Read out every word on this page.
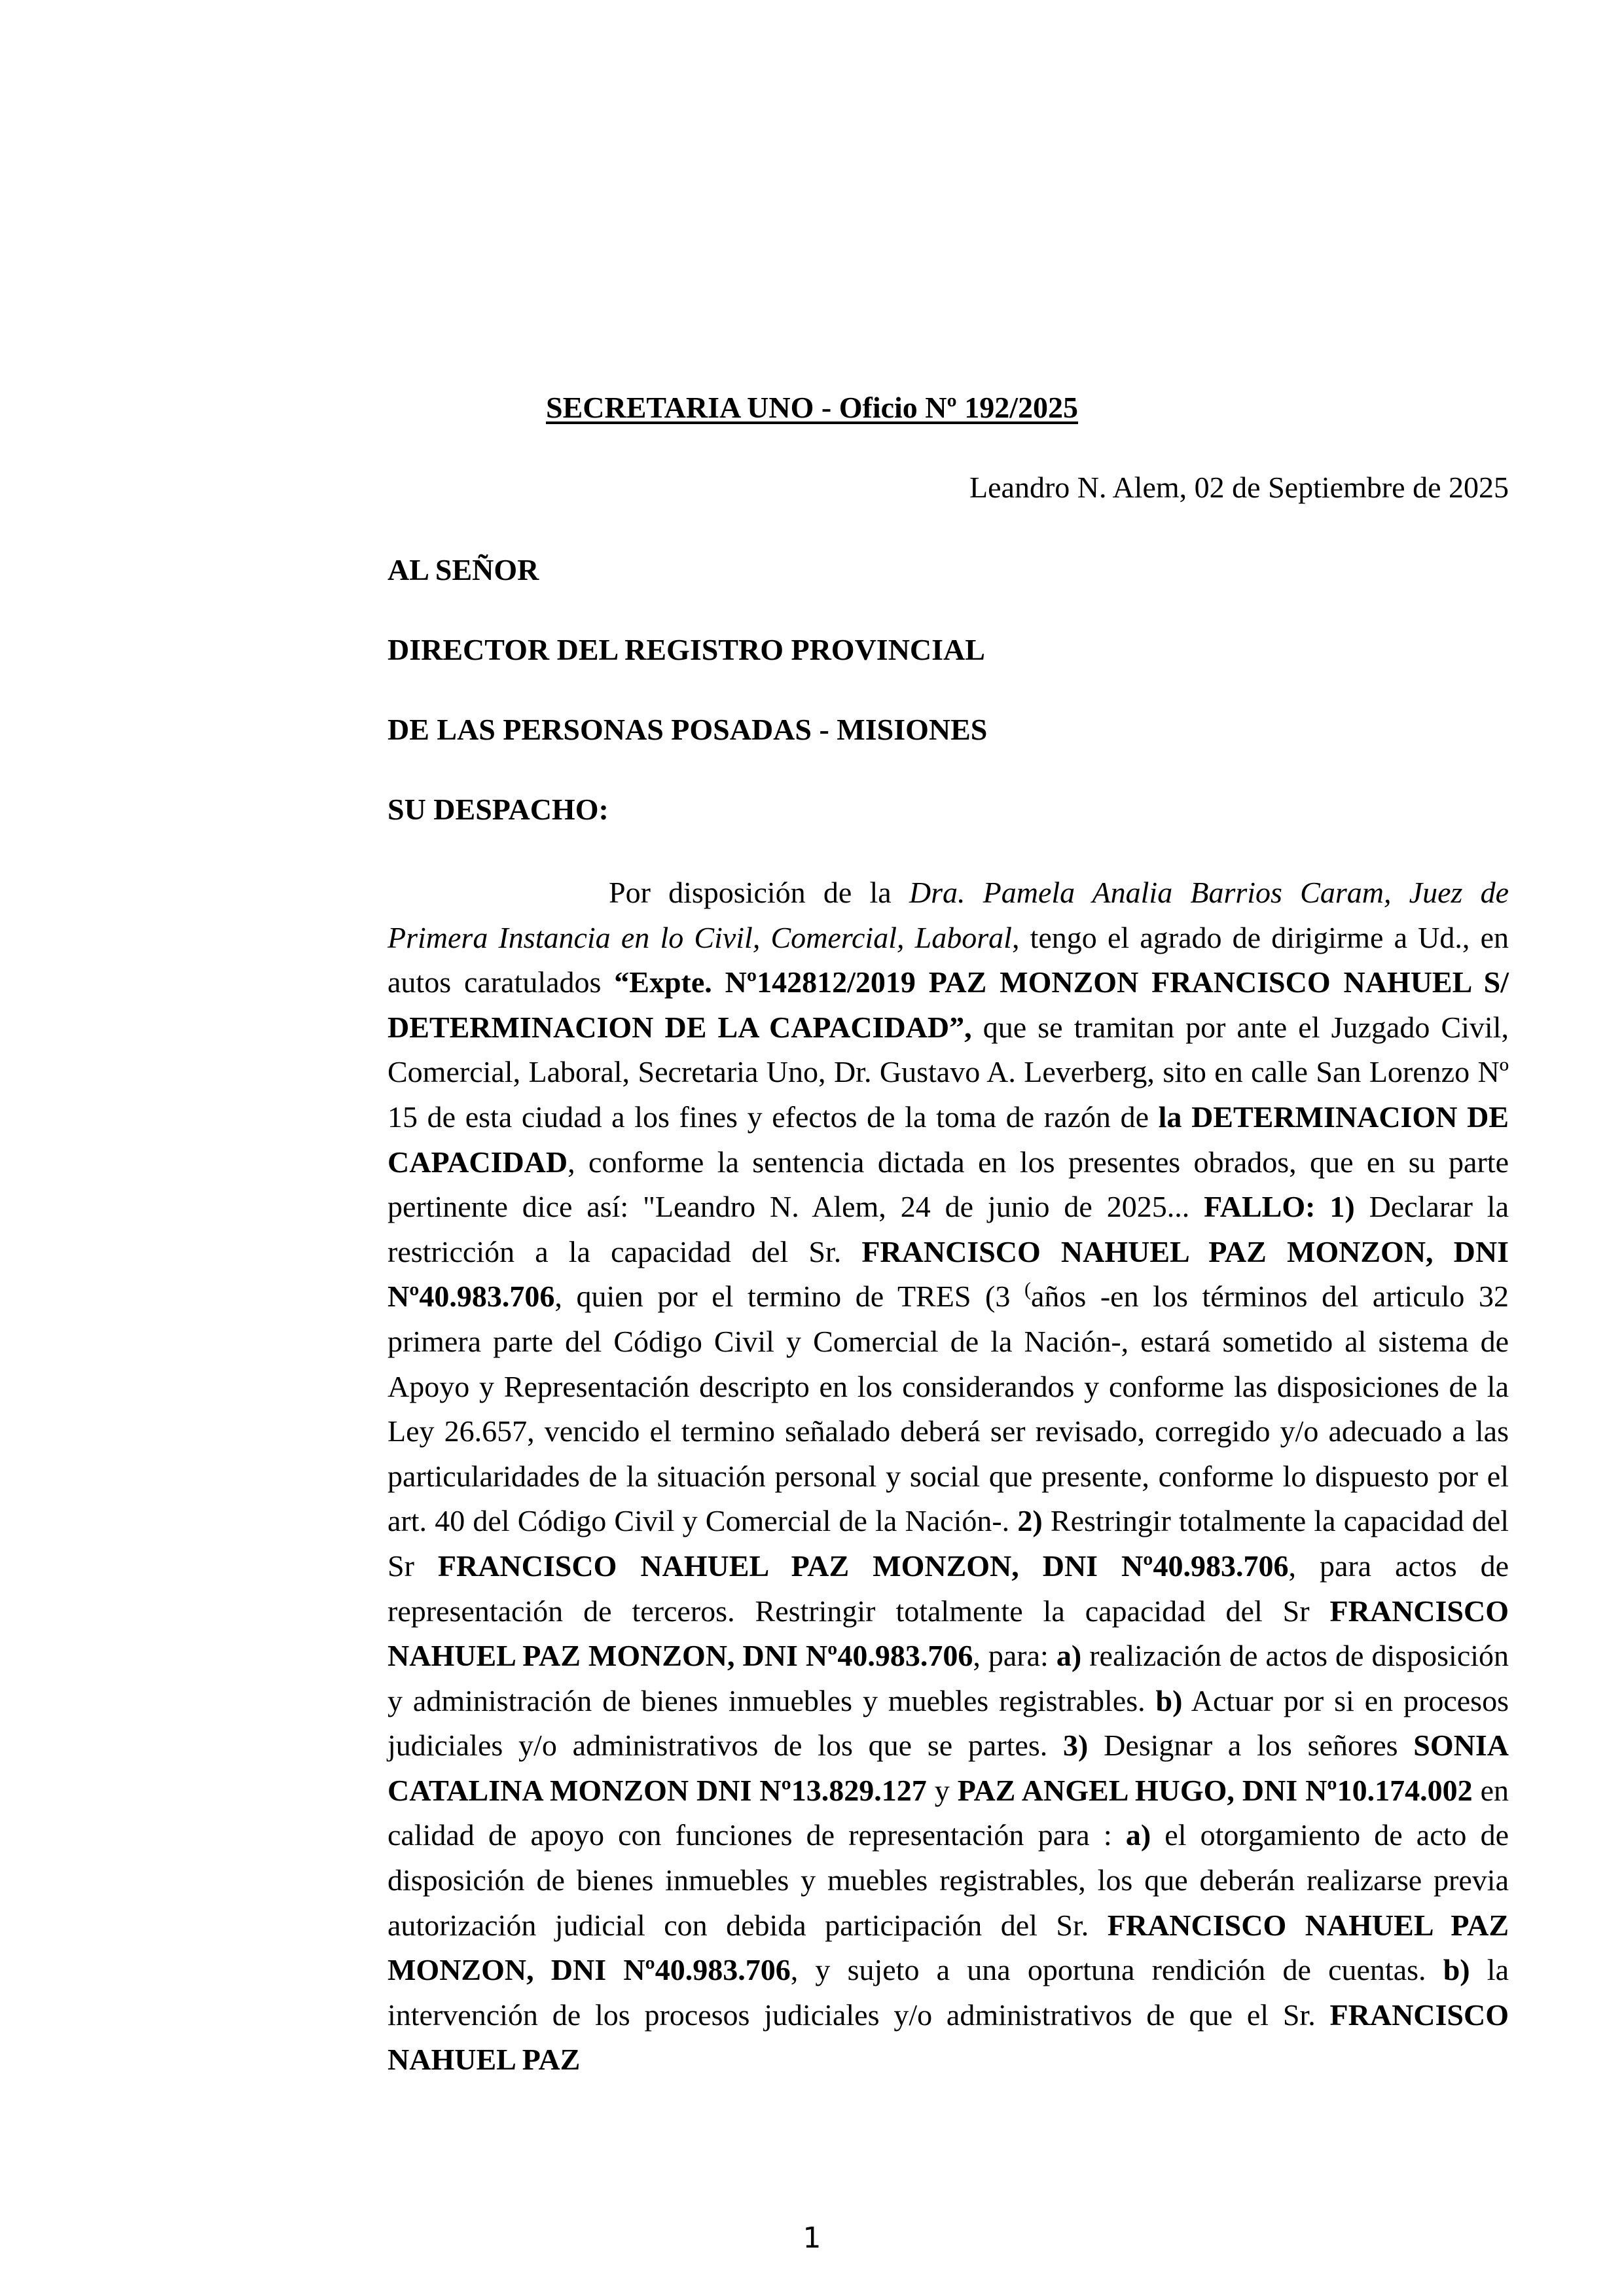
SECRETARIA UNO - Oficio Nº 192/2025
Leandro N. Alem, 02 de Septiembre de 2025
AL SEÑOR
DIRECTOR DEL REGISTRO PROVINCIAL
DE LAS PERSONAS POSADAS - MISIONES
SU DESPACHO:

Por disposición de la Dra. Pamela Analia Barrios Caram, Juez de Primera Instancia en lo Civil, Comercial, Laboral, tengo el agrado de dirigirme a Ud., en autos caratulados “Expte. Nº142812/2019 PAZ MONZON FRANCISCO NAHUEL S/ DETERMINACION DE LA CAPACIDAD”, que se tramitan por ante el Juzgado Civil, Comercial, Laboral, Secretaria Uno, Dr. Gustavo A. Leverberg, sito en calle San Lorenzo Nº 15 de esta ciudad a los fines y efectos de la toma de razón de la DETERMINACION DE CAPACIDAD, conforme la sentencia dictada en los presentes obrados, que en su parte pertinente dice así: "Leandro N. Alem, 24 de junio de 2025... FALLO: 1) Declarar la restricción a la capacidad del Sr. FRANCISCO NAHUEL PAZ MONZON, DNI Nº40.983.706, quien por el termino de TRES (3 (años -en los términos del articulo 32 primera parte del Código Civil y Comercial de la Nación-, estará sometido al sistema de Apoyo y Representación descripto en los considerandos y conforme las disposiciones de la Ley 26.657, vencido el termino señalado deberá ser revisado, corregido y/o adecuado a las particularidades de la situación personal y social que presente, conforme lo dispuesto por el art. 40 del Código Civil y Comercial de la Nación-. 2) Restringir totalmente la capacidad del Sr FRANCISCO NAHUEL PAZ MONZON, DNI Nº40.983.706, para actos de representación de terceros. Restringir totalmente la capacidad del Sr FRANCISCO NAHUEL PAZ MONZON, DNI Nº40.983.706, para: a) realización de actos de disposición y administración de bienes inmuebles y muebles registrables. b) Actuar por si en procesos judiciales y/o administrativos de los que se partes. 3) Designar a los señores SONIA CATALINA MONZON DNI Nº13.829.127 y PAZ ANGEL HUGO, DNI Nº10.174.002 en calidad de apoyo con funciones de representación para : a) el otorgamiento de acto de disposición de bienes inmuebles y muebles registrables, los que deberán realizarse previa autorización judicial con debida participación del Sr. FRANCISCO NAHUEL PAZ MONZON, DNI Nº40.983.706, y sujeto a una oportuna rendición de cuentas. b) la intervención de los procesos judiciales y/o administrativos de que el Sr. FRANCISCO NAHUEL PAZ

1
